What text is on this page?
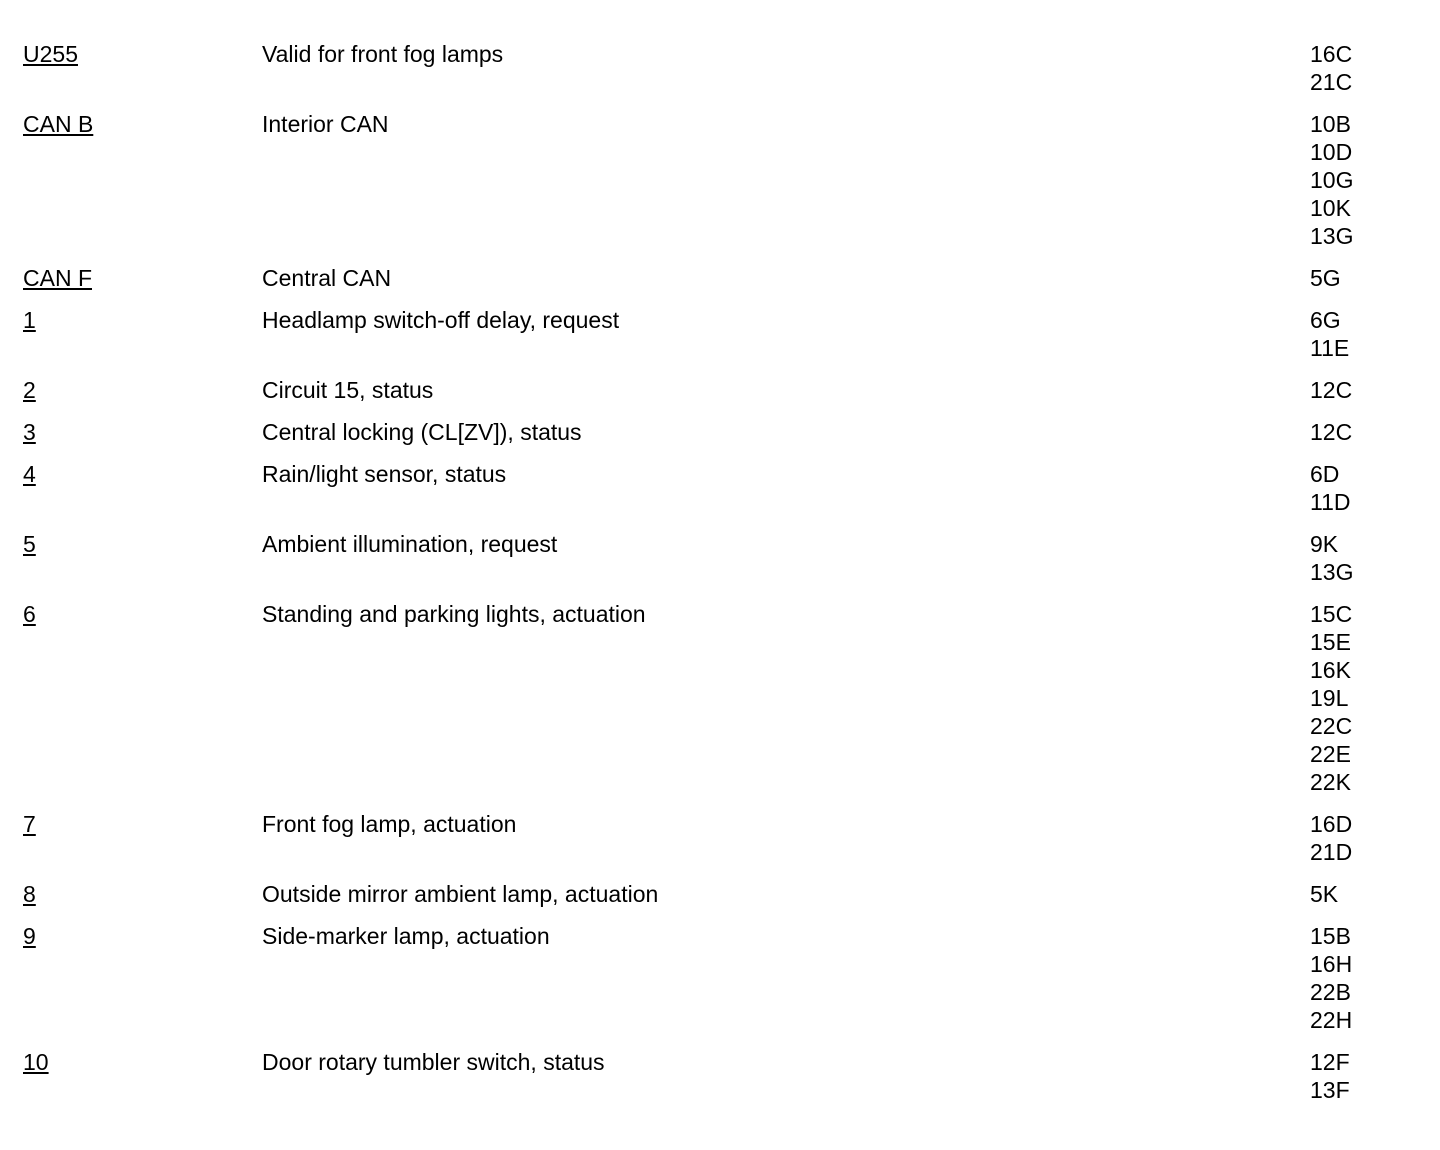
U255	Valid for front fog lamps	16C
21C
CAN B	Interior CAN	10B
10D
10G
10K
13G
CAN F	Central CAN	5G
1	Headlamp switch-off delay, request	6G
11E
2	Circuit 15, status	12C
3	Central locking (CL[ZV]), status	12C
4	Rain/light sensor, status	6D
11D
5	Ambient illumination, request	9K
13G
6	Standing and parking lights, actuation	15C
15E
16K
19L
22C
22E
22K
7	Front fog lamp, actuation	16D
21D
8	Outside mirror ambient lamp, actuation	5K
9	Side-marker lamp, actuation	15B
16H
22B
22H
10	Door rotary tumbler switch, status	12F
13F
